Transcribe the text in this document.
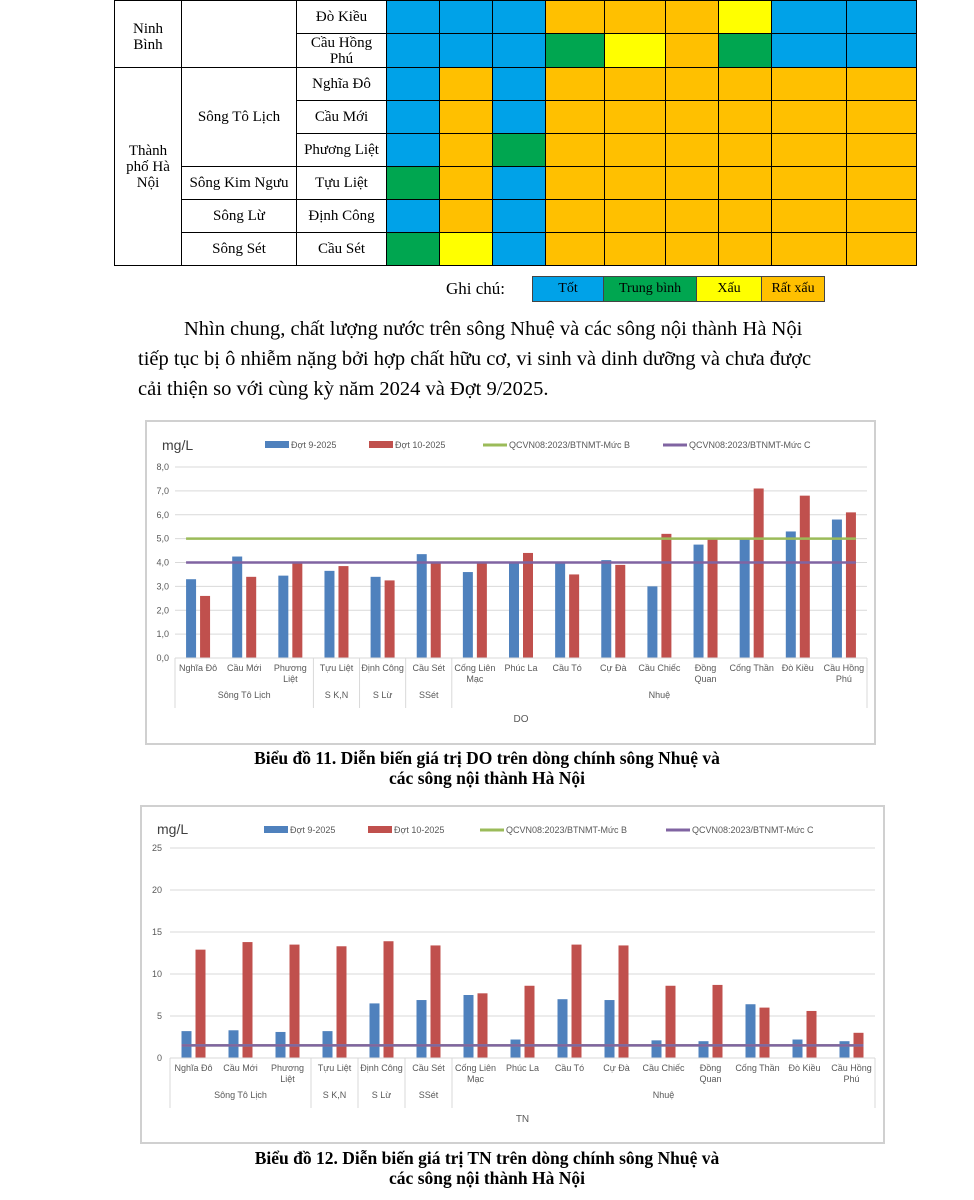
Ninh
Bình		Đò Kiều									
		Cầu Hồng
Phú									
Thành
phố Hà
Nội	Sông Tô Lịch	Nghĩa Đô									
		Cầu Mới									
		Phương Liệt									
	Sông Kim Ngưu	Tựu Liệt									
	Sông Lừ	Định Công									
	Sông Sét	Cầu Sét									
Ghi chú:	Tốt	Trung bình	Xấu	Rất xấu
Nhìn chung, chất lượng nước trên sông Nhuệ và các sông nội thành Hà Nội
tiếp tục bị ô nhiễm nặng bởi hợp chất hữu cơ, vi sinh và dinh dưỡng và chưa được
cải thiện so với cùng kỳ năm 2024 và Đợt 9/2025.
mg/L	Đợt 9-2025	Đợt 10-2025	QCVN08:2023/BTNMT-Mức B	QCVN08:2023/BTNMT-Mức C
0,0
1,0
2,0
3,0
4,0
5,0
6,0
7,0
8,0
Nghĩa Đô Cầu Mới Phương
Liệt
Tựu Liệt Định Công Cầu Sét Cống Liên
Mạc
Phúc La Cầu Tó Cự Đà Cầu Chiếc Đồng
Quan
Cống Thần Đò Kiều Cầu Hồng
Phú
Sông Tô Lịch	S K,N	S Lừ	SSét	Nhuệ
DO
Biểu đồ 11. Diễn biến giá trị DO trên dòng chính sông Nhuệ và
các sông nội thành Hà Nội
mg/L	Đợt 9-2025	Đợt 10-2025	QCVN08:2023/BTNMT-Mức B	QCVN08:2023/BTNMT-Mức C
0
5
10
15
20
25
Nghĩa Đô Cầu Mới Phương
Liệt
Tựu Liệt Định Công Cầu Sét Cống Liên
Mạc
Phúc La Cầu Tó Cự Đà Cầu Chiếc Đồng
Quan
Cống Thần Đò Kiều Cầu Hồng
Phú
Sông Tô Lịch	S K,N	S Lừ	SSét	Nhuệ
TN
Biểu đồ 12. Diễn biến giá trị TN trên dòng chính sông Nhuệ và
các sông nội thành Hà Nội
